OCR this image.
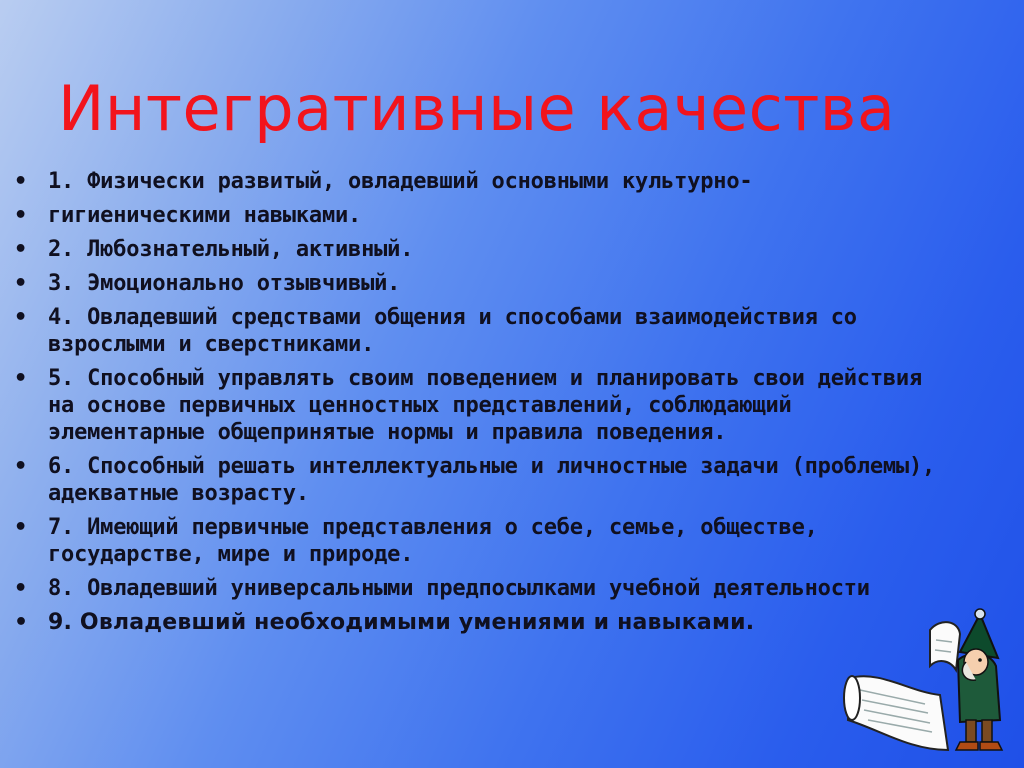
Интегративные качества
• 1. Физически развитый, овладевший основными культурно-
• гигиеническими навыками.
• 2. Любознательный, активный.
• 3. Эмоционально отзывчивый.
• 4. Овладевший средствами общения и способами взаимодействия со взрослыми и сверстниками.
• 5. Способный управлять своим поведением и планировать свои действия на основе первичных ценностных представлений, соблюдающий элементарные общепринятые нормы и правила поведения.
• 6. Способный решать интеллектуальные и личностные задачи (проблемы), адекватные возрасту.
• 7. Имеющий первичные представления о себе, семье, обществе, государстве, мире и природе.
• 8. Овладевший универсальными предпосылками учебной деятельности
• 9. Овладевший необходимыми умениями и навыками.
